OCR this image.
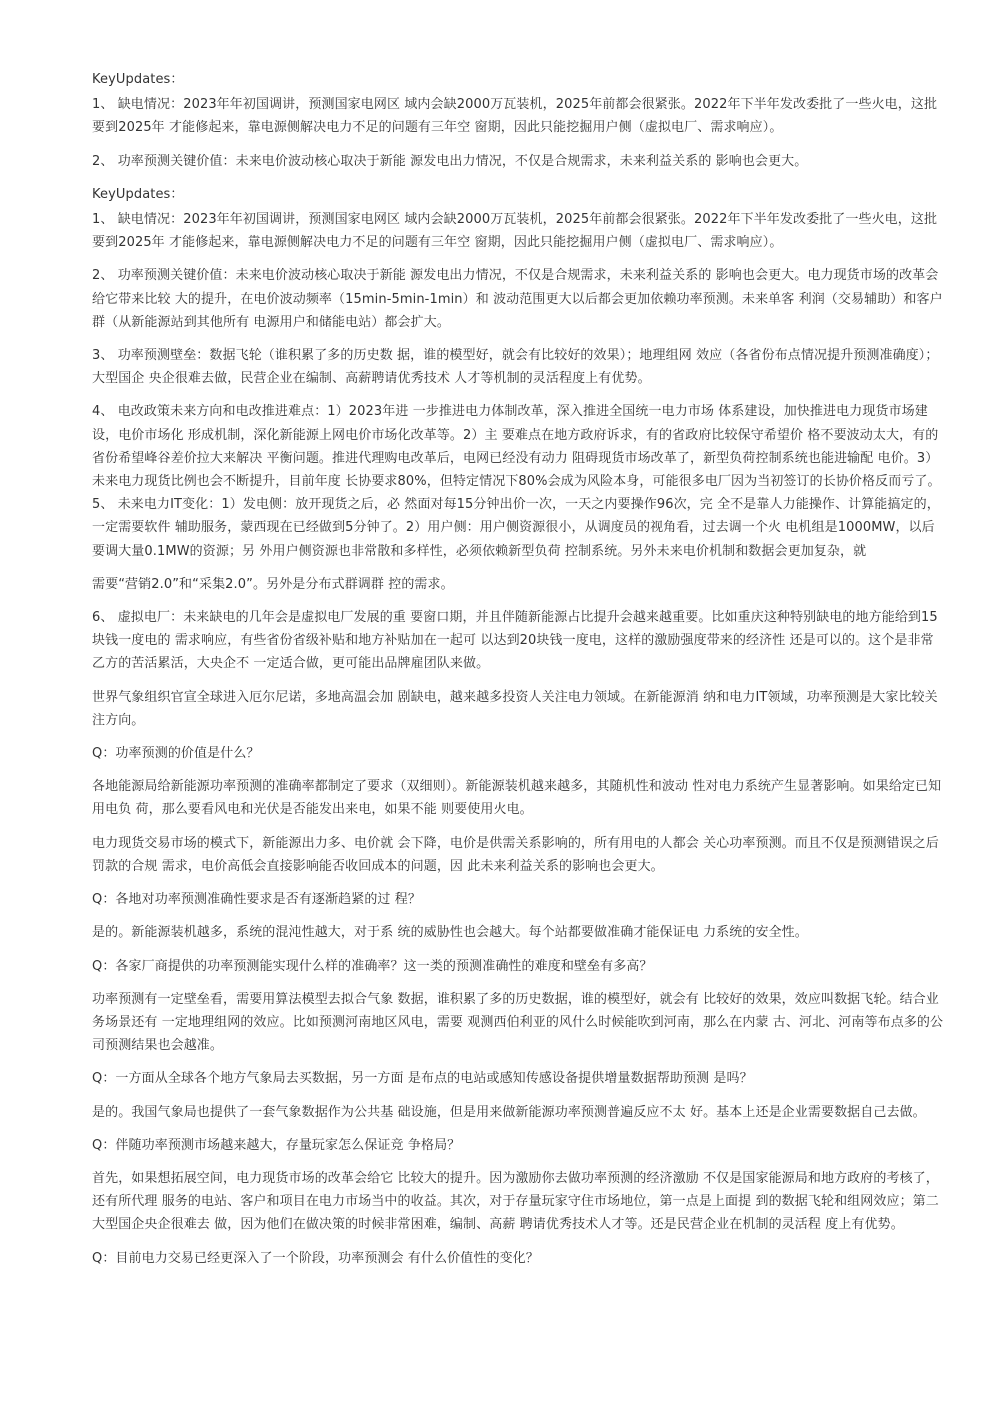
KeyUpdates：

1、 缺电情况：2023年年初国调讲，预测国家电网区 域内会缺2000万瓦装机，2025年前都会很紧张。2022年下半年发改委批了一些火电，这批要到2025年 才能修起来，靠电源侧解决电力不足的问题有三年空 窗期，因此只能挖掘用户侧（虚拟电厂、需求响应）。

2、 功率预测关键价值：未来电价波动核心取决于新能 源发电出力情况，不仅是合规需求，未来利益关系的 影响也会更大。

KeyUpdates：

1、 缺电情况：2023年年初国调讲，预测国家电网区 域内会缺2000万瓦装机，2025年前都会很紧张。2022年下半年发改委批了一些火电，这批要到2025年 才能修起来，靠电源侧解决电力不足的问题有三年空 窗期，因此只能挖掘用户侧（虚拟电厂、需求响应）。

2、 功率预测关键价值：未来电价波动核心取决于新能 源发电出力情况，不仅是合规需求，未来利益关系的 影响也会更大。电力现货市场的改革会给它带来比较 大的提升，在电价波动频率（15min-5min-1min）和 波动范围更大以后都会更加依赖功率预测。未来单客 利润（交易辅助）和客户群（从新能源站到其他所有 电源用户和储能电站）都会扩大。

3、 功率预测壁垒：数据飞轮（谁积累了多的历史数 据，谁的模型好，就会有比较好的效果）；地理组网 效应（各省份布点情况提升预测准确度）；大型国企 央企很难去做，民营企业在编制、高薪聘请优秀技术 人才等机制的灵活程度上有优势。

4、 电改政策未来方向和电改推进难点：1）2023年进 一步推进电力体制改革，深入推进全国统一电力市场 体系建设，加快推进电力现货市场建设，电价市场化 形成机制，深化新能源上网电价市场化改革等。2）主 要难点在地方政府诉求，有的省政府比较保守希望价 格不要波动太大，有的省份希望峰谷差价拉大来解决 平衡问题。推进代理购电改革后，电网已经没有动力 阻碍现货市场改革了，新型负荷控制系统也能进输配 电价。3）未来电力现货比例也会不断提升，目前年度 长协要求80%，但特定情况下80%会成为风险本身，可能很多电厂因为当初签订的长协价格反而亏了。5、 未来电力IT变化：1）发电侧：放开现货之后，必 然面对每15分钟出价一次，一天之内要操作96次，完 全不是靠人力能操作、计算能搞定的，一定需要软件 辅助服务，蒙西现在已经做到5分钟了。2）用户侧：用户侧资源很小，从调度员的视角看，过去调一个火 电机组是1000MW，以后要调大量0.1MW的资源；另 外用户侧资源也非常散和多样性，必须依赖新型负荷 控制系统。另外未来电价机制和数据会更加复杂，就

需要“营销2.0”和“采集2.0”。另外是分布式群调群 控的需求。

6、 虚拟电厂：未来缺电的几年会是虚拟电厂发展的重 要窗口期，并且伴随新能源占比提升会越来越重要。比如重庆这种特别缺电的地方能给到15块钱一度电的 需求响应，有些省份省级补贴和地方补贴加在一起可 以达到20块钱一度电，这样的激励强度带来的经济性 还是可以的。这个是非常乙方的苦活累活，大央企不 一定适合做，更可能出品牌雇团队来做。

世界气象组织官宣全球进入厄尔尼诺，多地高温会加 剧缺电，越来越多投资人关注电力领域。在新能源消 纳和电力IT领域，功率预测是大家比较关注方向。

Q：功率预测的价值是什么？

各地能源局给新能源功率预测的准确率都制定了要求（双细则）。新能源装机越来越多，其随机性和波动 性对电力系统产生显著影响。如果给定已知用电负 荷，那么要看风电和光伏是否能发出来电，如果不能 则要使用火电。

电力现货交易市场的模式下，新能源出力多、电价就 会下降，电价是供需关系影响的，所有用电的人都会 关心功率预测。而且不仅是预测错误之后罚款的合规 需求，电价高低会直接影响能否收回成本的问题，因 此未来利益关系的影响也会更大。

Q：各地对功率预测准确性要求是否有逐渐趋紧的过 程？

是的。新能源装机越多，系统的混沌性越大，对于系 统的威胁性也会越大。每个站都要做准确才能保证电 力系统的安全性。

Q：各家厂商提供的功率预测能实现什么样的准确率？这一类的预测准确性的难度和壁垒有多高？

功率预测有一定壁垒看，需要用算法模型去拟合气象 数据，谁积累了多的历史数据，谁的模型好，就会有 比较好的效果，效应叫数据飞轮。结合业务场景还有 一定地理组网的效应。比如预测河南地区风电，需要 观测西伯利亚的风什么时候能吹到河南，那么在内蒙 古、河北、河南等布点多的公司预测结果也会越准。

Q：一方面从全球各个地方气象局去买数据，另一方面 是布点的电站或感知传感设备提供增量数据帮助预测 是吗？

是的。我国气象局也提供了一套气象数据作为公共基 础设施，但是用来做新能源功率预测普遍反应不太 好。基本上还是企业需要数据自己去做。

Q：伴随功率预测市场越来越大，存量玩家怎么保证竞 争格局？

首先，如果想拓展空间，电力现货市场的改革会给它 比较大的提升。因为激励你去做功率预测的经济激励 不仅是国家能源局和地方政府的考核了，还有所代理 服务的电站、客户和项目在电力市场当中的收益。其次，对于存量玩家守住市场地位，第一点是上面提 到的数据飞轮和组网效应；第二大型国企央企很难去 做，因为他们在做决策的时候非常困难，编制、高薪 聘请优秀技术人才等。还是民营企业在机制的灵活程 度上有优势。

Q：目前电力交易已经更深入了一个阶段，功率预测会 有什么价值性的变化？
